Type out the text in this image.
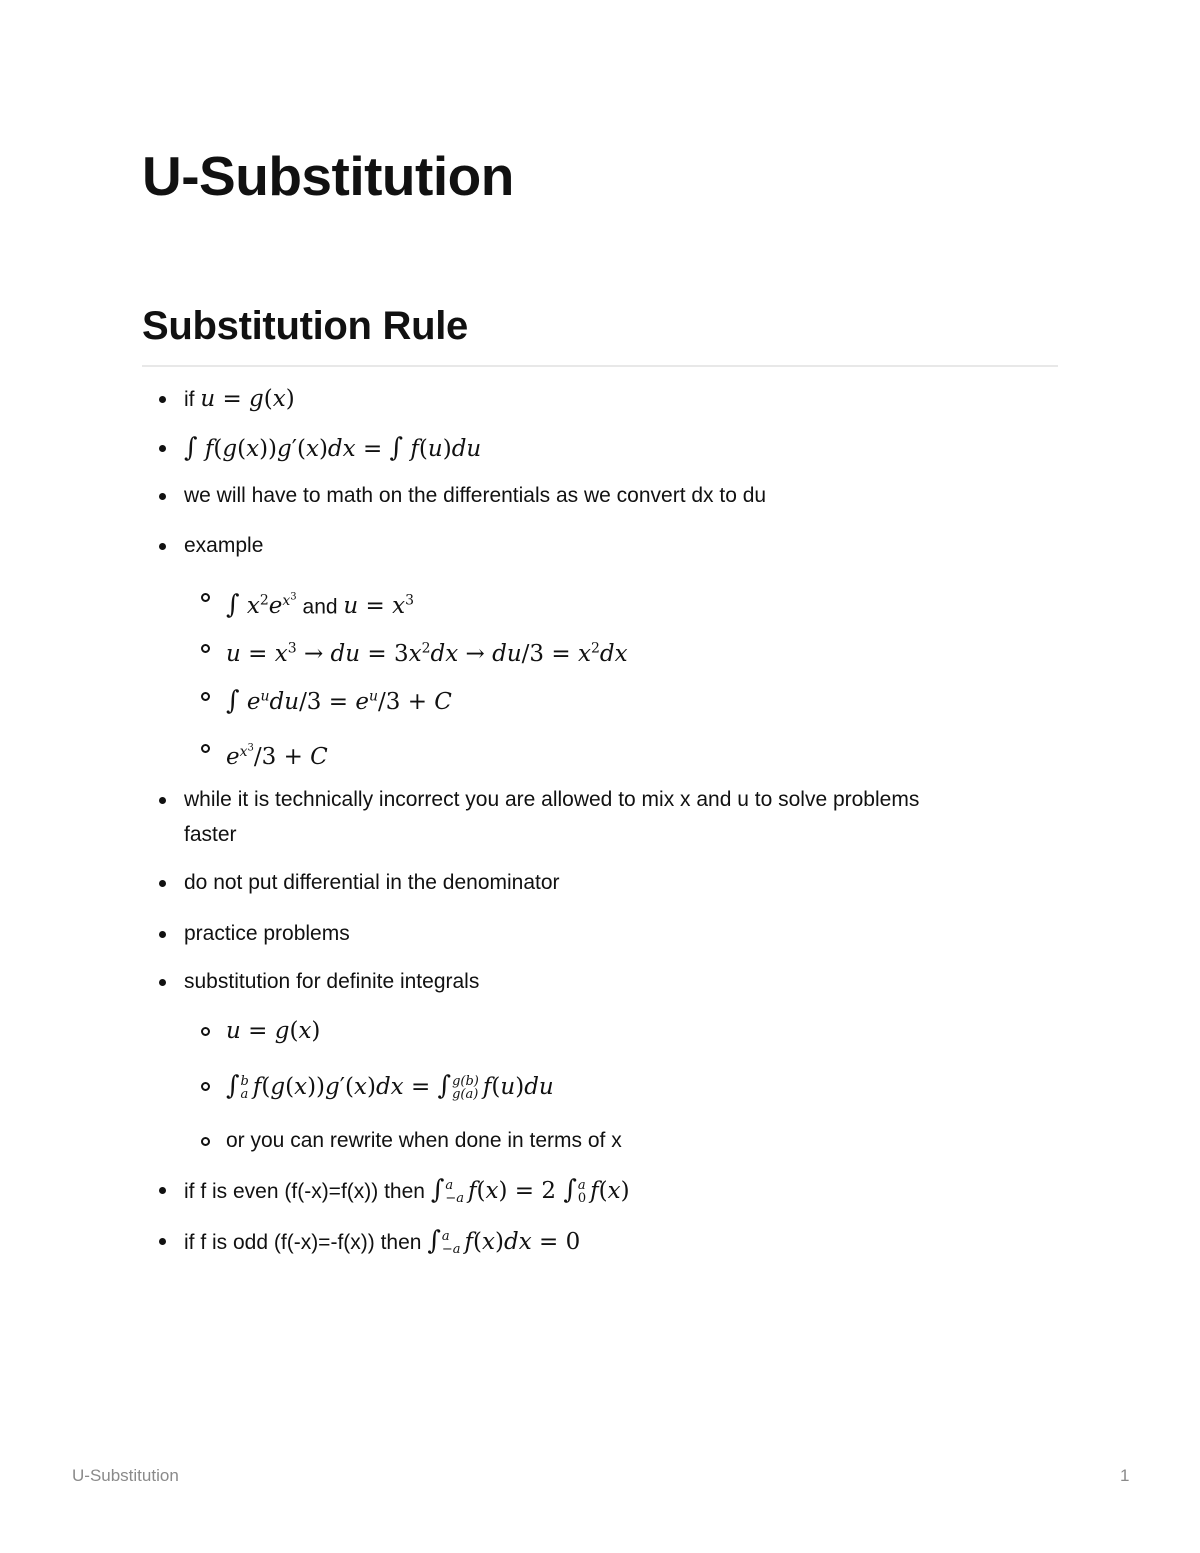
U-Substitution
Substitution Rule
if u = g(x)
∫ f(g(x))g′(x)dx = ∫ f(u)du
we will have to math on the differentials as we convert dx to du
example
∫ $x^2e^{x^3}$ and $u = x^3$
$u = x^3$ → du = $3x^2dx \to du/3 = x^2dx$
∫ $e^udu/3 = e^u/3 + C$
$e^{x^3}/3 + C$
while it is technically incorrect you are allowed to mix x and u to solve problems
faster
do not put differential in the denominator
practice problems
substitution for definite integrals
u = g(x)
∫ b
a f(g(x))g′(x)dx = ∫ g(b)
g(a) f(u)du
or you can rewrite when done in terms of x
if f is even (f(-x)=f(x)) then ∫ a
−a f(x) = 2 ∫ a
0 f(x)
if f is odd (f(-x)=-f(x)) then ∫ a
−a f(x)dx = 0
U-Substitution	1
